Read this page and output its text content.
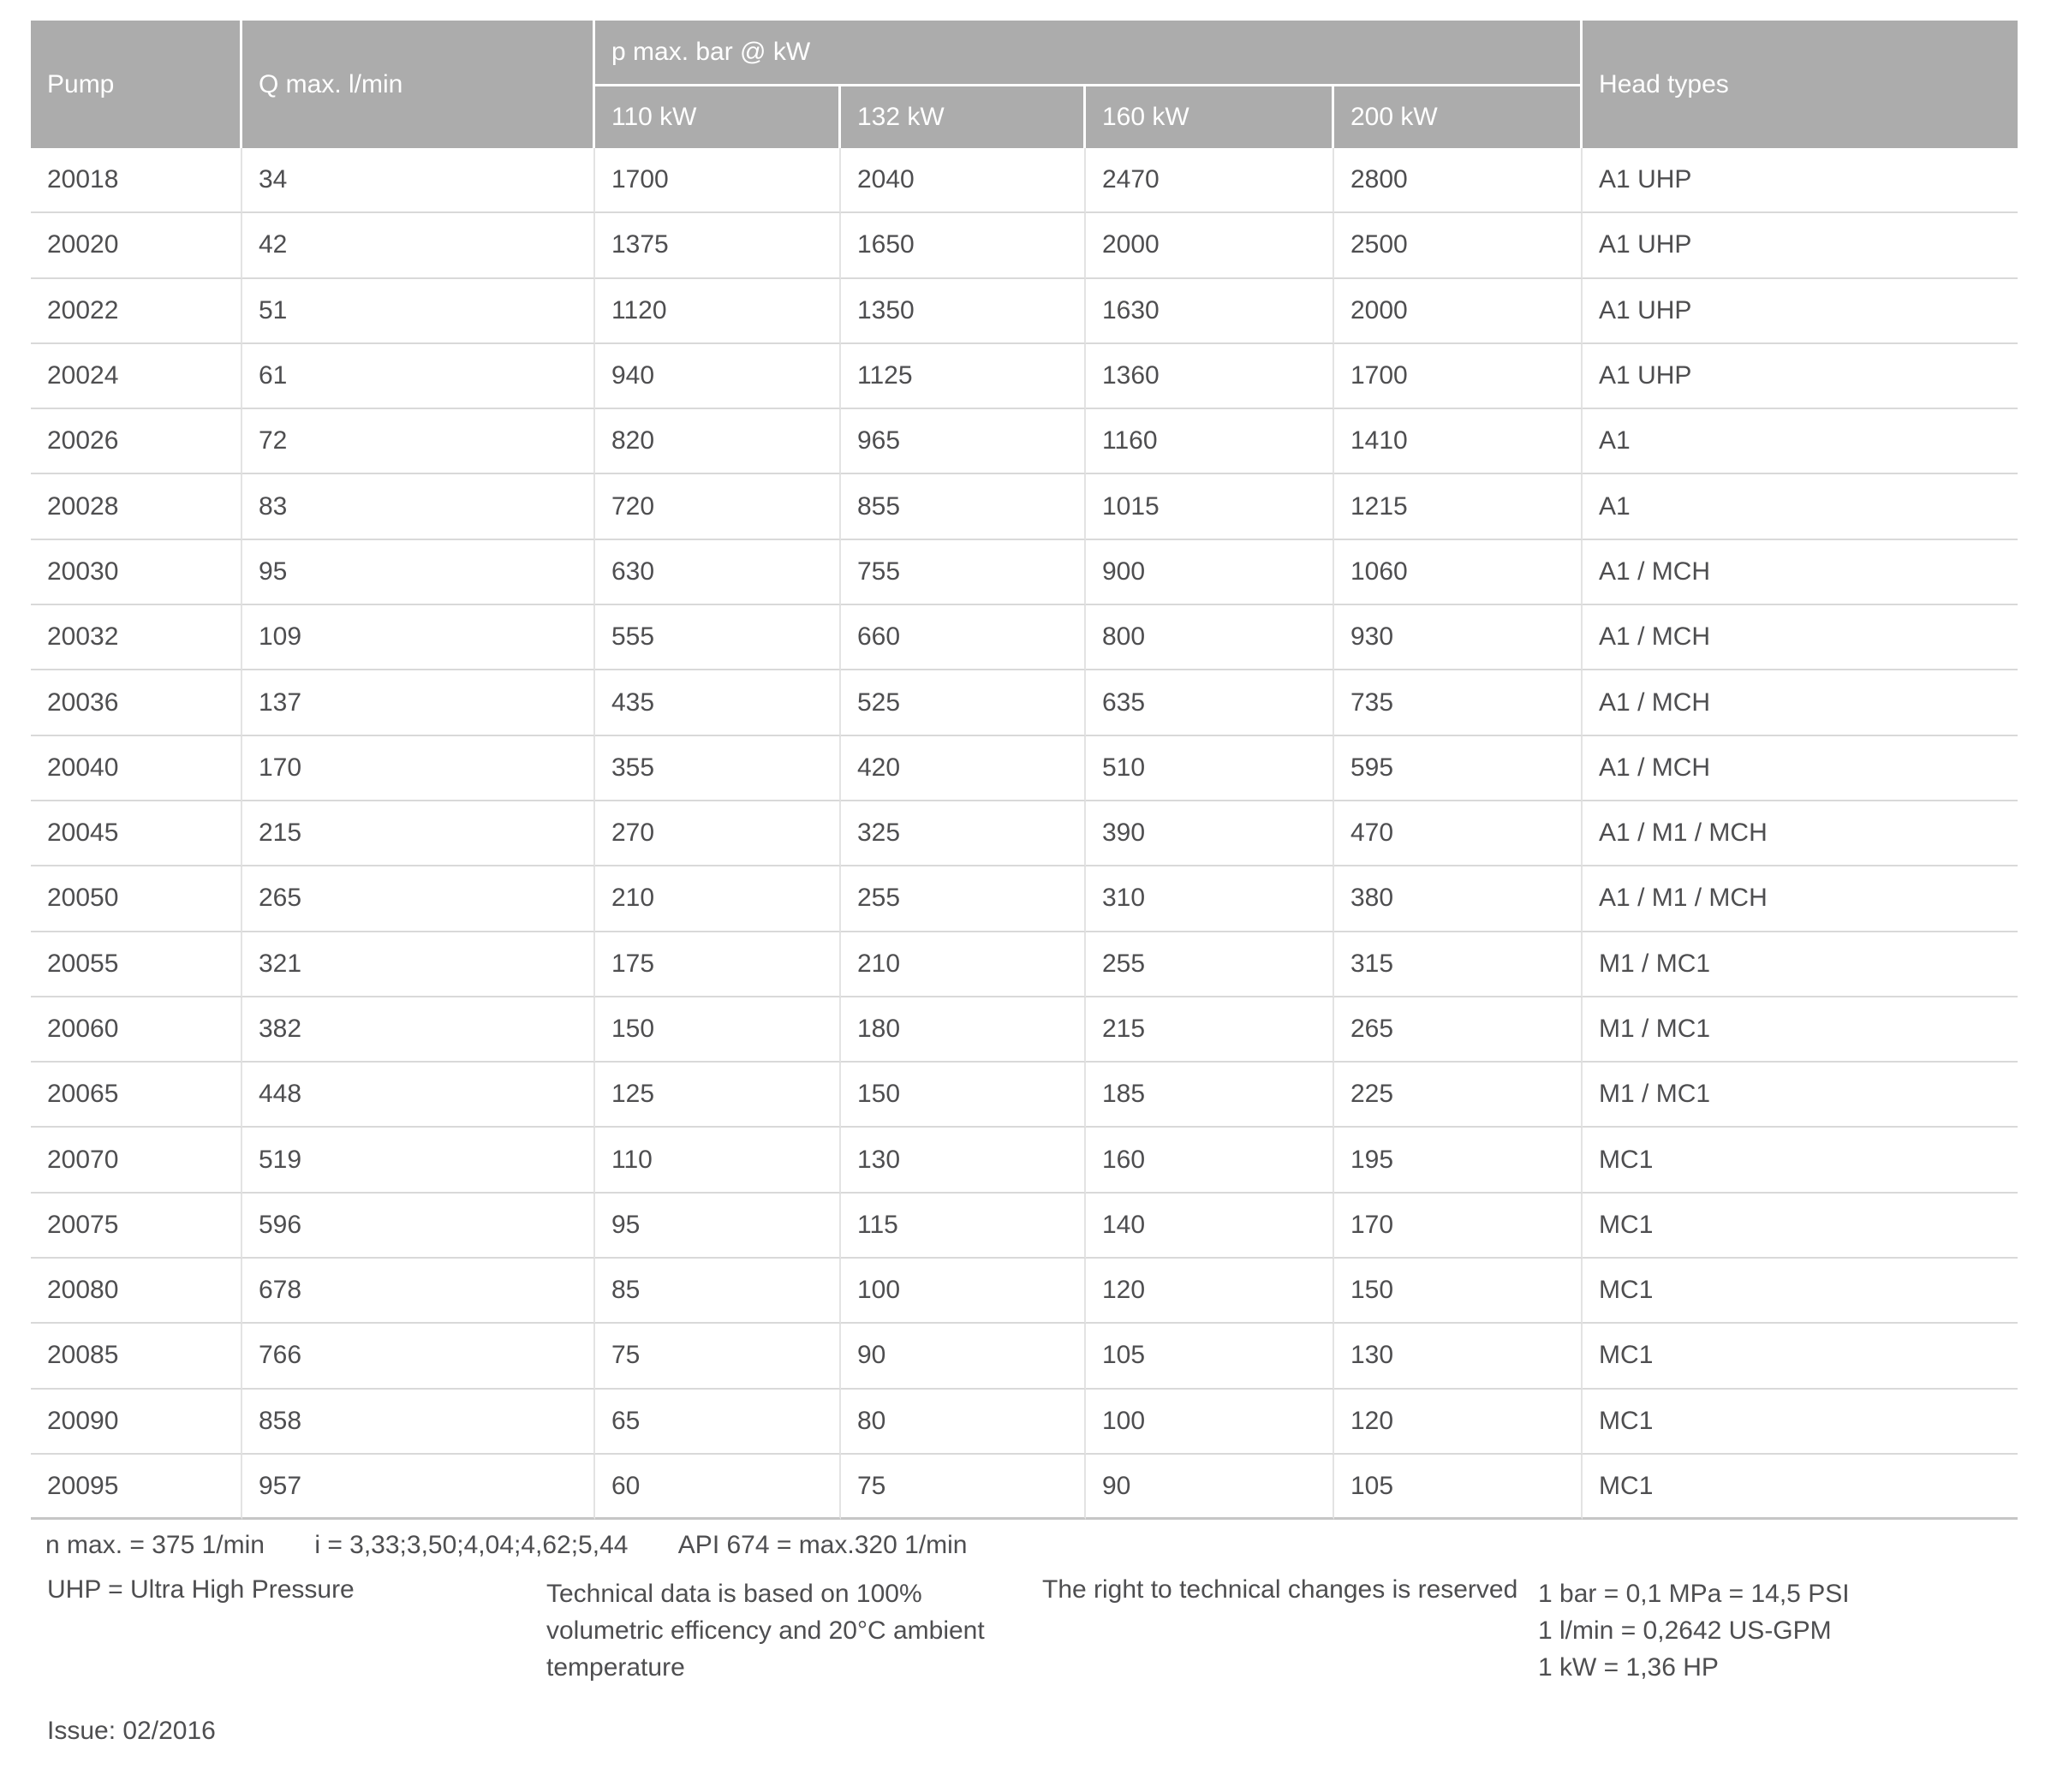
Pump	Q max. l/min	p max. bar @ kW				Head types
		110 kW	132 kW	160 kW	200 kW	
20018	34	1700	2040	2470	2800	A1 UHP
20020	42	1375	1650	2000	2500	A1 UHP
20022	51	1120	1350	1630	2000	A1 UHP
20024	61	940	1125	1360	1700	A1 UHP
20026	72	820	965	1160	1410	A1
20028	83	720	855	1015	1215	A1
20030	95	630	755	900	1060	A1 / MCH
20032	109	555	660	800	930	A1 / MCH
20036	137	435	525	635	735	A1 / MCH
20040	170	355	420	510	595	A1 / MCH
20045	215	270	325	390	470	A1 / M1 / MCH
20050	265	210	255	310	380	A1 / M1 / MCH
20055	321	175	210	255	315	M1 / MC1
20060	382	150	180	215	265	M1 / MC1
20065	448	125	150	185	225	M1 / MC1
20070	519	110	130	160	195	MC1
20075	596	95	115	140	170	MC1
20080	678	85	100	120	150	MC1
20085	766	75	90	105	130	MC1
20090	858	65	80	100	120	MC1
20095	957	60	75	90	105	MC1
n max. = 375 1/min i = 3,33;3,50;4,04;4,62;5,44 API 674 = max.320 1/min
UHP = Ultra High Pressure	Technical data is based on 100%
volumetric efficency and 20°C ambient
temperature
The right to technical changes is reserved 1 bar = 0,1 MPa = 14,5 PSI
1 l/min = 0,2642 US-GPM
1 kW = 1,36 HP
Issue: 02/2016
